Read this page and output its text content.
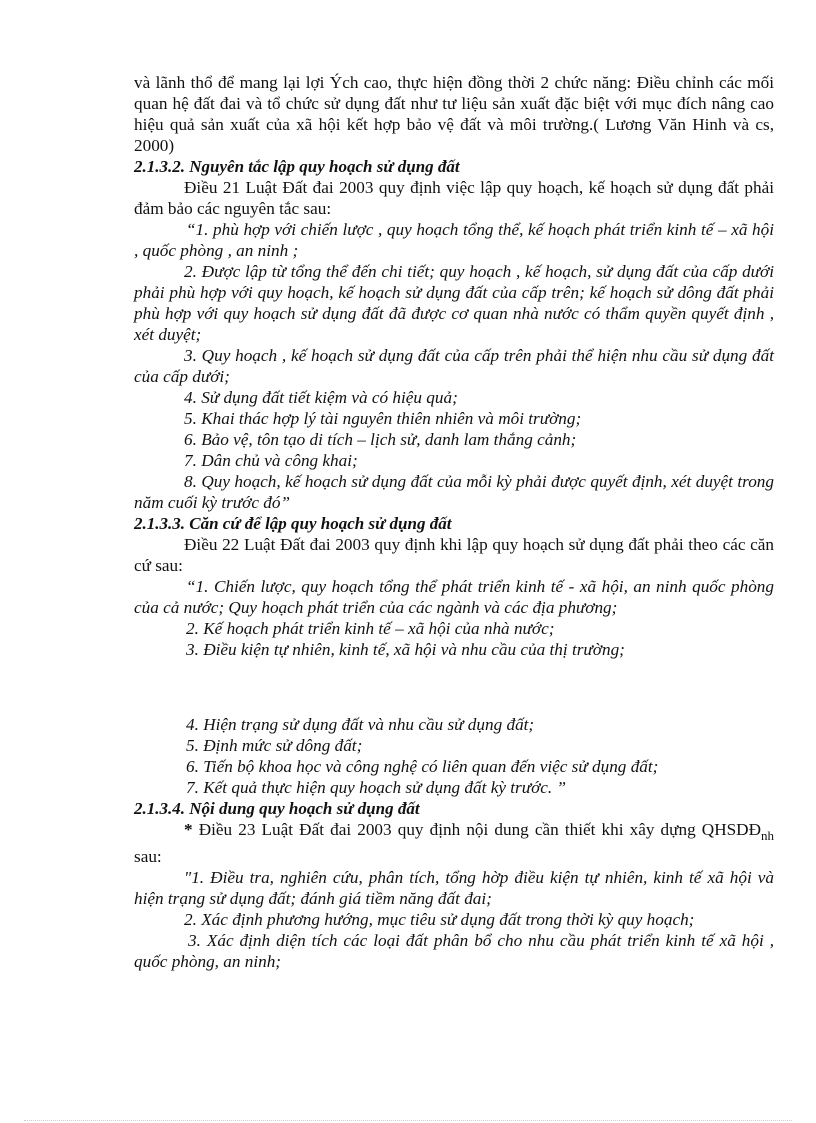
và lãnh thổ để mang lại lợi Ých cao, thực hiện đồng thời 2 chức năng: Điều chỉnh các mối quan hệ đất đai và tổ chức sử dụng đất như tư liệu sản xuất đặc biệt với mục đích nâng cao hiệu quả sản xuất của xã hội kết hợp bảo vệ đất và môi trường.( Lương Văn Hinh và cs, 2000)

2.1.3.2. Nguyên tắc lập quy hoạch sử dụng đất

Điều 21 Luật Đất đai 2003 quy định việc lập quy hoạch, kế hoạch sử dụng đất phải đảm bảo các nguyên tắc sau:

“1. phù hợp với chiến lược , quy hoạch tổng thể, kế hoạch phát triển kinh tế – xã hội , quốc phòng , an ninh ;

2. Được lập từ tổng thể đến chi tiết; quy hoạch , kế hoạch, sử dụng đất của cấp dưới phải phù hợp với quy hoạch, kế hoạch sử dụng đất của cấp trên; kế hoạch sử dông đất phải phù hợp với quy hoạch sử dụng đất đã được cơ quan nhà nước có thẩm quyền quyết định , xét duyệt;

3. Quy hoạch , kế hoạch sử dụng đất của cấp trên phải thể hiện nhu cầu sử dụng đất của cấp dưới;

4. Sử dụng đất tiết kiệm và có hiệu quả;

5. Khai thác hợp lý tài nguyên thiên nhiên và môi trường;

6. Bảo vệ, tôn tạo di tích – lịch sử, danh lam thắng cảnh;

7. Dân chủ và công khai;

8. Quy hoạch, kế hoạch sử dụng đất của mỗi kỳ phải được quyết định, xét duyệt trong năm cuối kỳ trước đó”

2.1.3.3. Căn cứ để lập quy hoạch sử dụng đất

Điều 22 Luật Đất đai 2003 quy định khi lập quy hoạch sử dụng đất phải theo các căn cứ sau:

“1. Chiến lược, quy hoạch tổng thể phát triển kinh tế - xã hội, an ninh quốc phòng của cả nước; Quy hoạch phát triển của các ngành và các địa phương;

2. Kế hoạch phát triển kinh tế – xã hội của nhà nước;

3. Điều kiện tự nhiên, kinh tế, xã hội và nhu cầu của thị trường;

4. Hiện trạng sử dụng đất và nhu cầu sử dụng đất;

5. Định mức sử dông đất;

6. Tiến bộ khoa học và công nghệ có liên quan đến việc sử dụng đất;

7. Kết quả thực hiện quy hoạch sử dụng đất kỳ trước. ”

2.1.3.4. Nội dung quy hoạch sử dụng đất

* Điều 23 Luật Đất đai 2003 quy định nội dung cần thiết khi xây dựng $QHSDĐ_{nh}$ sau:

"1. Điều tra, nghiên cứu, phân tích, tổng hờp điều kiện tự nhiên, kinh tế xã hội và hiện trạng sử dụng đất; đánh giá tiềm năng đất đai;

2. Xác định phương hướng, mục tiêu sử dụng đất trong thời kỳ quy hoạch;

3. Xác định diện tích các loại đất phân bổ cho nhu cầu phát triển kinh tế xã hội , quốc phòng, an ninh;
